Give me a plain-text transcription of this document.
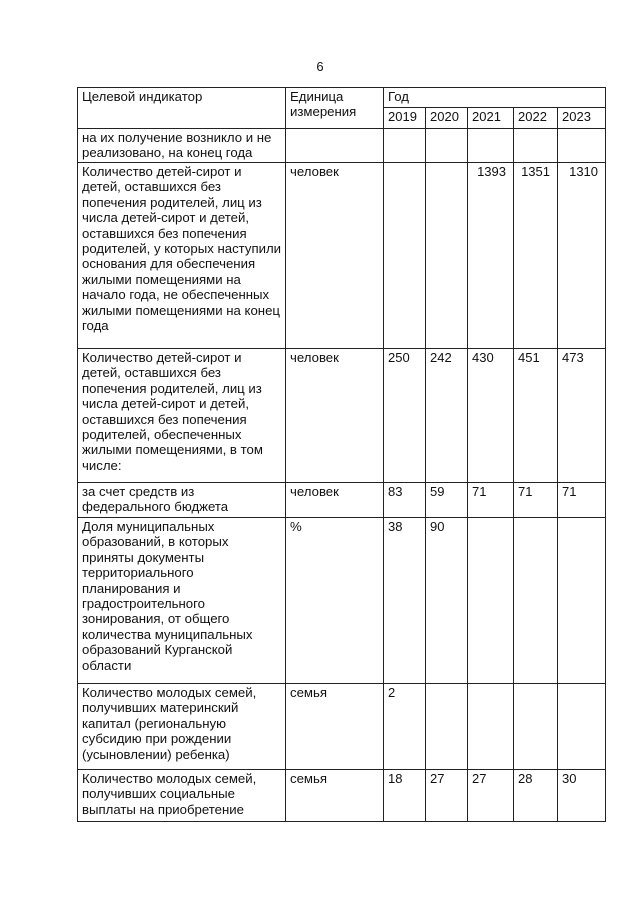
6
Целевой индикатор	Единица измерения	Год				
		2019	2020	2021	2022	2023
на их получение возникло и не реализовано, на конец года						
Количество детей-сирот и детей, оставшихся без попечения родителей, лиц из числа детей-сирот и детей, оставшихся без попечения родителей, у которых наступили основания для обеспечения жилыми помещениями на начало года, не обеспеченных жилыми помещениями на конец года	человек			1393	1351	1310
Количество детей-сирот и детей, оставшихся без попечения родителей, лиц из числа детей-сирот и детей, оставшихся без попечения родителей, обеспеченных жилыми помещениями, в том числе:	человек	250	242	430	451	473
за счет средств из федерального бюджета	человек	83	59	71	71	71
Доля муниципальных образований, в которых приняты документы территориального планирования и градостроительного зонирования, от общего количества муниципальных образований Курганской области	%	38	90			
Количество молодых семей, получивших материнский капитал (региональную субсидию при рождении (усыновлении) ребенка)	семья	2				
Количество молодых семей, получивших социальные выплаты на приобретение	семья	18	27	27	28	30
